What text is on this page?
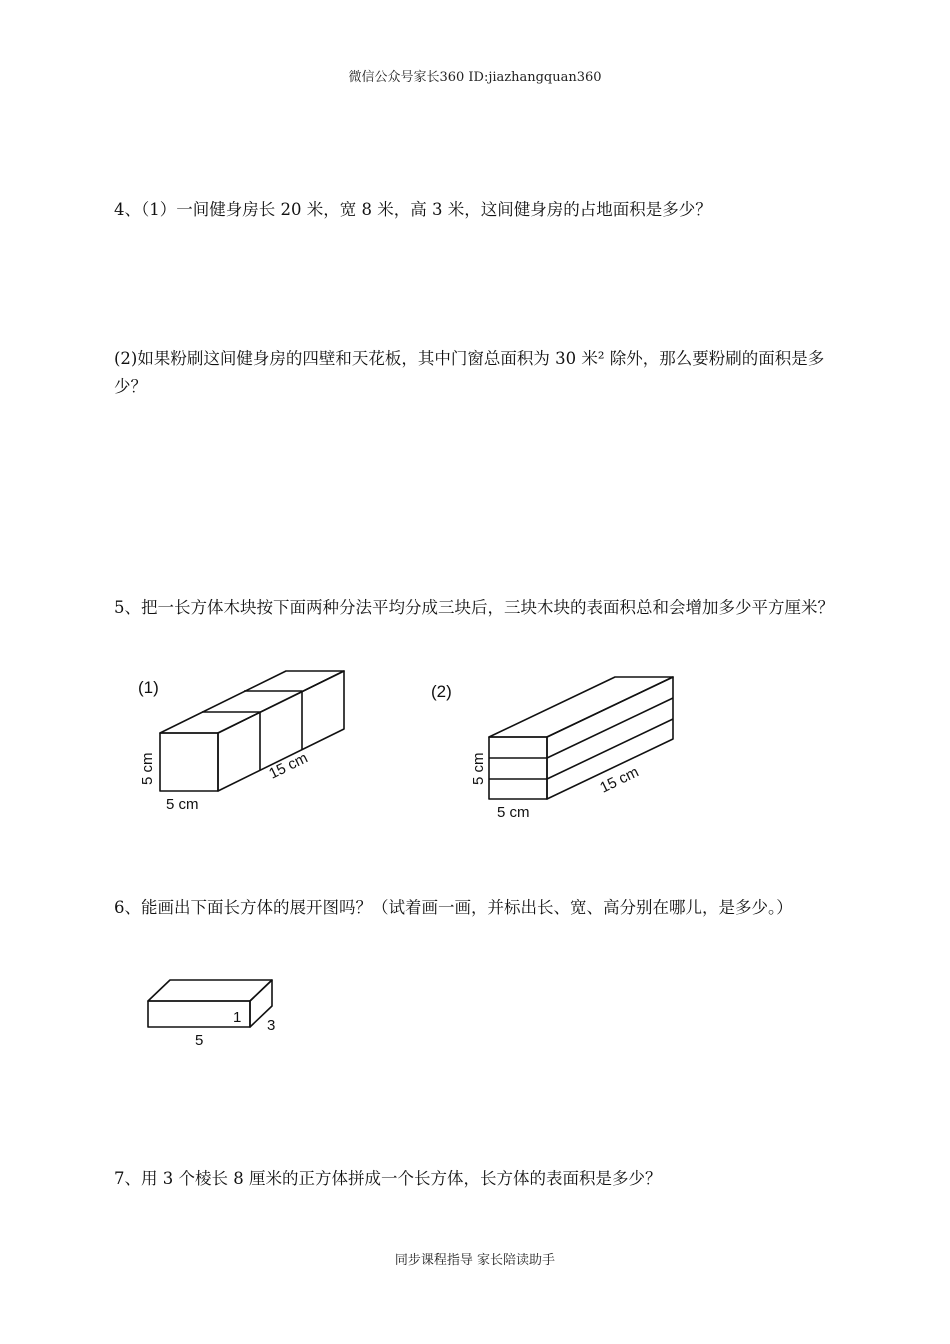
微信公众号家长360 ID:jiazhangquan360
4、（1）一间健身房长 20 米，宽 8 米，高 3 米，这间健身房的占地面积是多少？
(2)如果粉刷这间健身房的四壁和天花板，其中门窗总面积为 30 米² 除外，那么要粉刷的面积是多少？
5、把一长方体木块按下面两种分法平均分成三块后，三块木块的表面积总和会增加多少平方厘米？
(1)
5 cm
5 cm
15 cm
(2)
5 cm
5 cm
15 cm
6、能画出下面长方体的展开图吗？（试着画一画，并标出长、宽、高分别在哪儿，是多少。）
5
3
1
7、用 3 个棱长 8 厘米的正方体拼成一个长方体，长方体的表面积是多少？
同步课程指导 家长陪读助手
